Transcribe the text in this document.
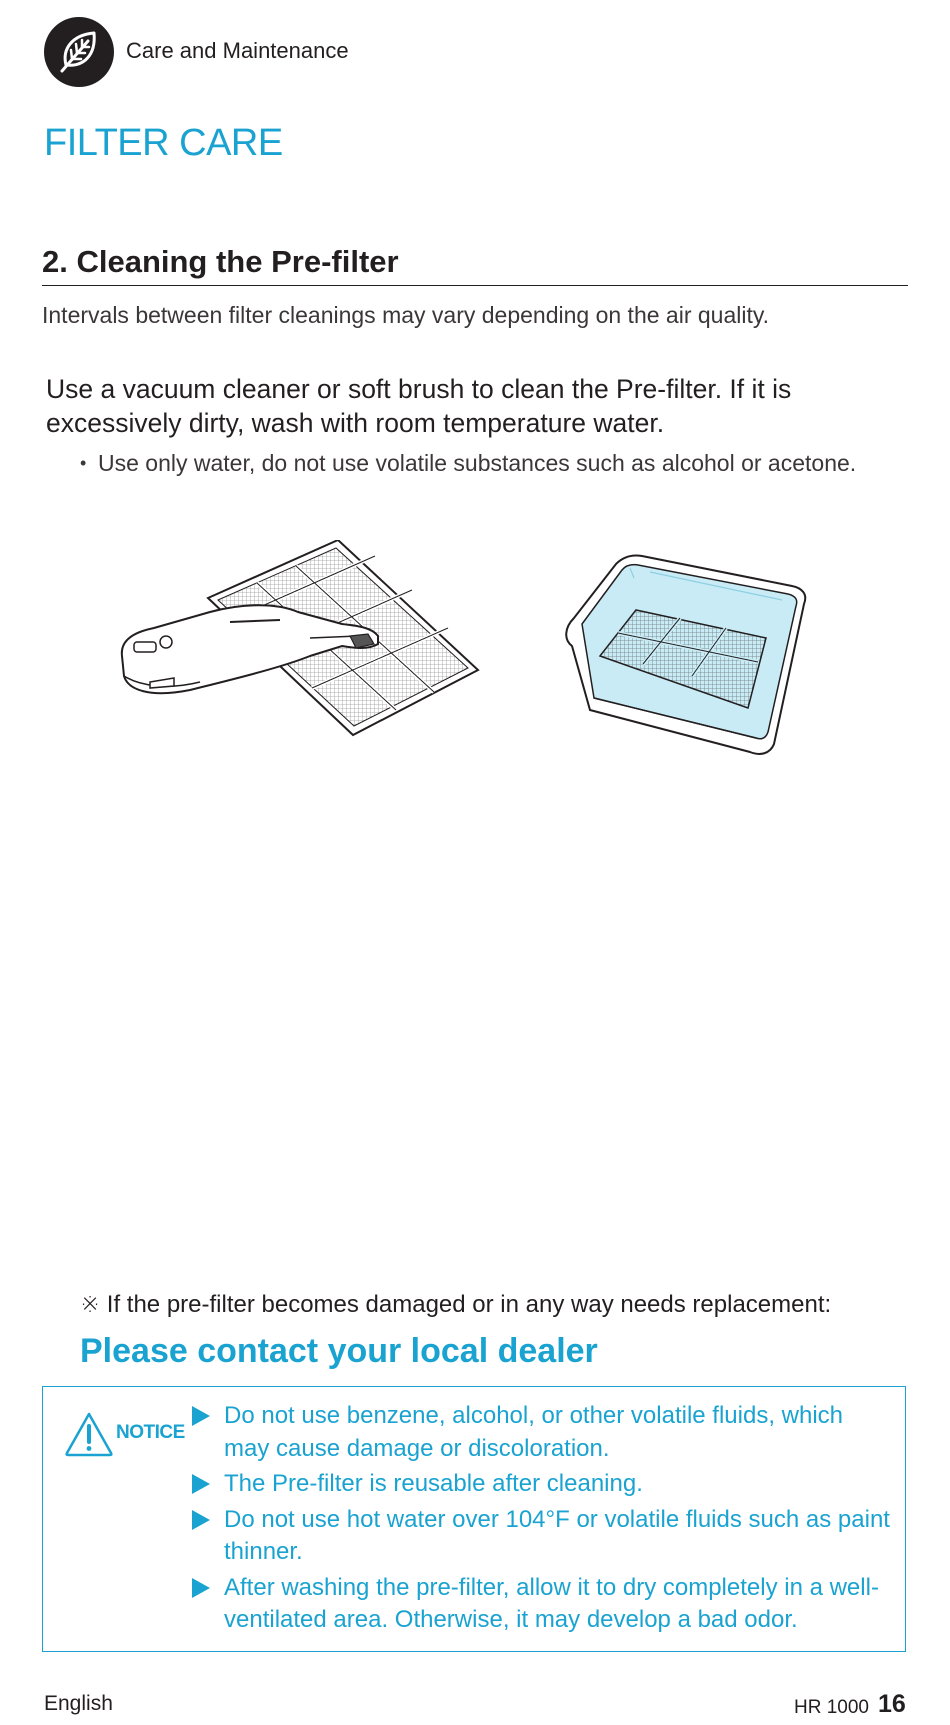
Care and Maintenance
FILTER CARE
2. Cleaning the Pre-filter
Intervals between filter cleanings may vary depending on the air quality.
Use a vacuum cleaner or soft brush to clean the Pre-filter. If it is excessively dirty, wash with room temperature water.
• Use only water, do not use volatile substances such as alcohol or acetone.
※ If the pre-filter becomes damaged or in any way needs replacement:
Please contact your local dealer
NOTICE
Do not use benzene, alcohol, or other volatile fluids, which may cause damage or discoloration.
The Pre-filter is reusable after cleaning.
Do not use hot water over 104°F or volatile fluids such as paint thinner.
After washing the pre-filter, allow it to dry completely in a well-ventilated area. Otherwise, it may develop a bad odor.
English	HR 1000 16
